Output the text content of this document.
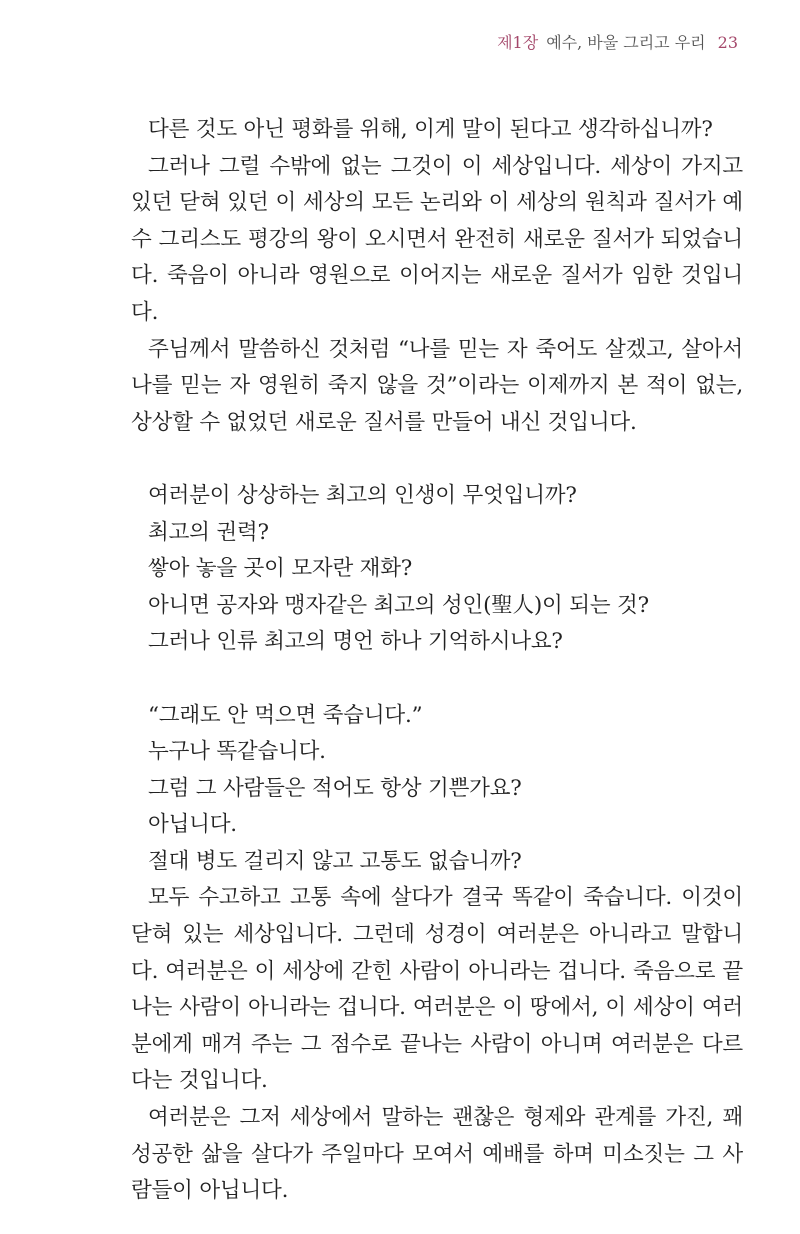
제1장 예수, 바울 그리고 우리 23

다른 것도 아닌 평화를 위해, 이게 말이 된다고 생각하십니까?

그러나 그럴 수밖에 없는 그것이 이 세상입니다. 세상이 가지고 있던 닫혀 있던 이 세상의 모든 논리와 이 세상의 원칙과 질서가 예수 그리스도 평강의 왕이 오시면서 완전히 새로운 질서가 되었습니다. 죽음이 아니라 영원으로 이어지는 새로운 질서가 임한 것입니다.

주님께서 말씀하신 것처럼 “나를 믿는 자 죽어도 살겠고, 살아서 나를 믿는 자 영원히 죽지 않을 것”이라는 이제까지 본 적이 없는, 상상할 수 없었던 새로운 질서를 만들어 내신 것입니다.

여러분이 상상하는 최고의 인생이 무엇입니까?

최고의 권력?

쌓아 놓을 곳이 모자란 재화?

아니면 공자와 맹자같은 최고의 성인(聖人)이 되는 것?

그러나 인류 최고의 명언 하나 기억하시나요?

“그래도 안 먹으면 죽습니다.”

누구나 똑같습니다.

그럼 그 사람들은 적어도 항상 기쁜가요?

아닙니다.

절대 병도 걸리지 않고 고통도 없습니까?

모두 수고하고 고통 속에 살다가 결국 똑같이 죽습니다. 이것이 닫혀 있는 세상입니다. 그런데 성경이 여러분은 아니라고 말합니다. 여러분은 이 세상에 갇힌 사람이 아니라는 겁니다. 죽음으로 끝나는 사람이 아니라는 겁니다. 여러분은 이 땅에서, 이 세상이 여러분에게 매겨 주는 그 점수로 끝나는 사람이 아니며 여러분은 다르다는 것입니다.

여러분은 그저 세상에서 말하는 괜찮은 형제와 관계를 가진, 꽤 성공한 삶을 살다가 주일마다 모여서 예배를 하며 미소짓는 그 사람들이 아닙니다.
